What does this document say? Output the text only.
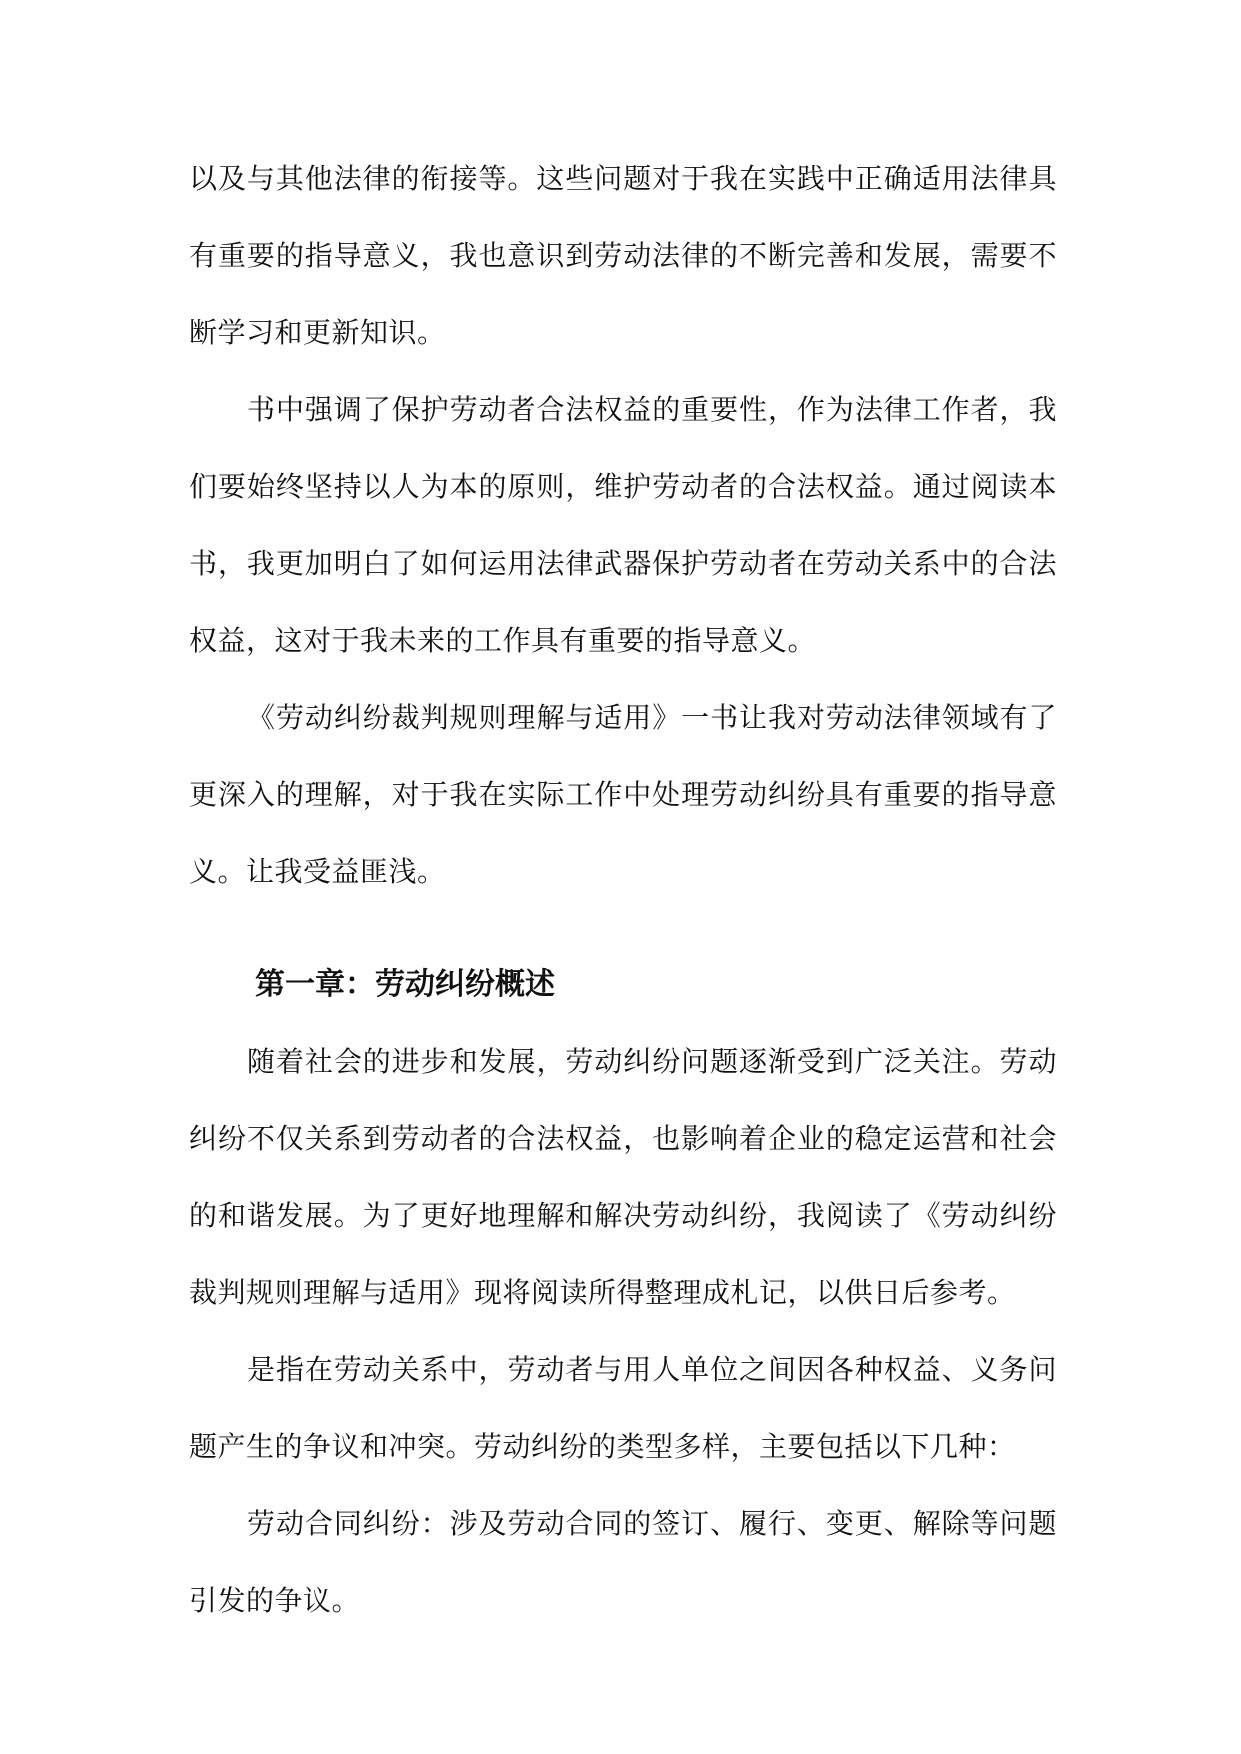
以及与其他法律的衔接等。这些问题对于我在实践中正确适用法律具有重要的指导意义，我也意识到劳动法律的不断完善和发展，需要不断学习和更新知识。

书中强调了保护劳动者合法权益的重要性，作为法律工作者，我们要始终坚持以人为本的原则，维护劳动者的合法权益。通过阅读本书，我更加明白了如何运用法律武器保护劳动者在劳动关系中的合法权益，这对于我未来的工作具有重要的指导意义。

《劳动纠纷裁判规则理解与适用》一书让我对劳动法律领域有了更深入的理解，对于我在实际工作中处理劳动纠纷具有重要的指导意义。让我受益匪浅。

第一章：劳动纠纷概述

随着社会的进步和发展，劳动纠纷问题逐渐受到广泛关注。劳动纠纷不仅关系到劳动者的合法权益，也影响着企业的稳定运营和社会的和谐发展。为了更好地理解和解决劳动纠纷，我阅读了《劳动纠纷裁判规则理解与适用》现将阅读所得整理成札记，以供日后参考。

是指在劳动关系中，劳动者与用人单位之间因各种权益、义务问题产生的争议和冲突。劳动纠纷的类型多样，主要包括以下几种：

劳动合同纠纷：涉及劳动合同的签订、履行、变更、解除等问题引发的争议。
